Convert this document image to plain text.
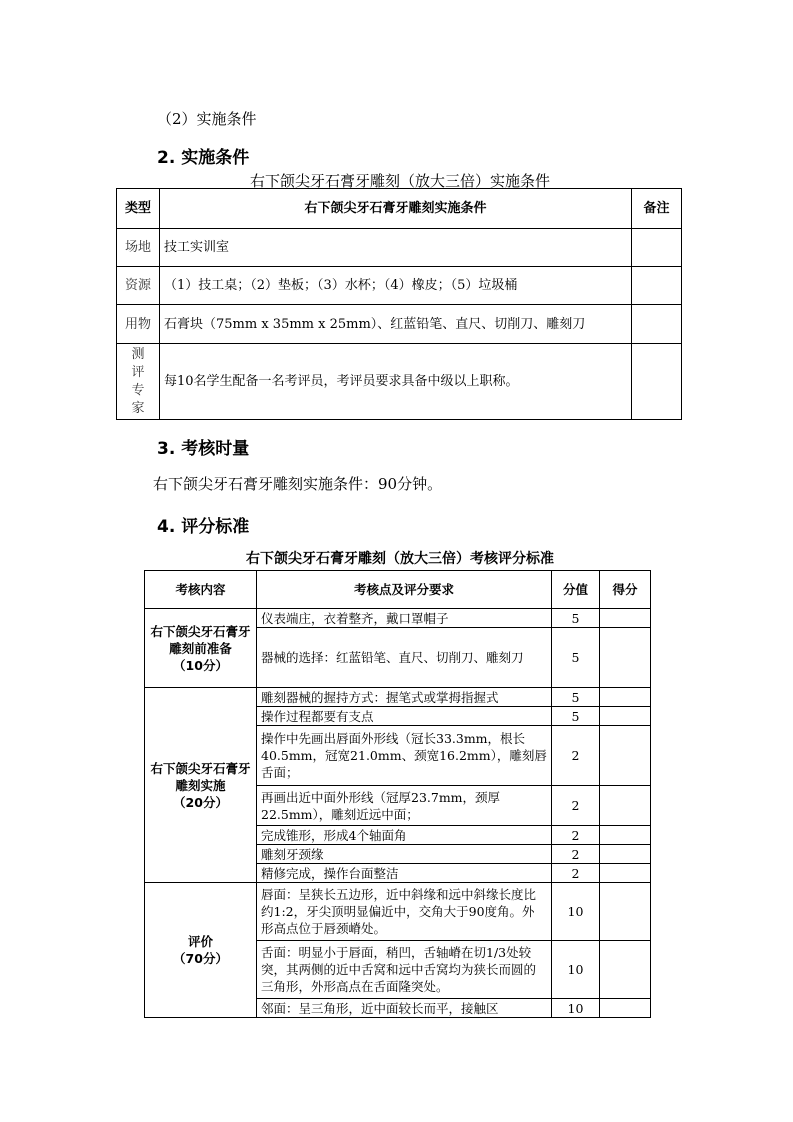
（2）实施条件
2. 实施条件
右下颌尖牙石膏牙雕刻（放大三倍）实施条件
类型	右下颌尖牙石膏牙雕刻实施条件	备注
场地	技工实训室	
资源	（1）技工桌；（2）垫板；（3）水杯；（4）橡皮；（5）垃圾桶	
用物	石膏块（75mm x 35mm x 25mm）、红蓝铅笔、直尺、切削刀、雕刻刀	
测评专家	每10名学生配备一名考评员，考评员要求具备中级以上职称。	
3. 考核时量
右下颌尖牙石膏牙雕刻实施条件：90分钟。
4. 评分标准
右下颌尖牙石膏牙雕刻（放大三倍）考核评分标准
考核内容	考核点及评分要求	分值	得分

右下颌尖牙石膏牙雕刻前准备
（10分）	仪表端庄，衣着整齐，戴口罩帽子	5	
	器械的选择：红蓝铅笔、直尺、切削刀、雕刻刀	5	

右下颌尖牙石膏牙雕刻实施
（20分）	雕刻器械的握持方式：握笔式或掌拇指握式	5	
	操作过程都要有支点	5	
	操作中先画出唇面外形线（冠长33.3mm，根长40.5mm，冠宽21.0mm、颈宽16.2mm），雕刻唇舌面；	2	
	再画出近中面外形线（冠厚23.7mm，颈厚22.5mm），雕刻近远中面；	2	
	完成锥形，形成4个轴面角	2	
	雕刻牙颈缘	2	
	精修完成，操作台面整洁	2	

评价
（70分）	唇面：呈狭长五边形，近中斜缘和远中斜缘长度比约1:2，牙尖顶明显偏近中，交角大于90度角。外形高点位于唇颈嵴处。	10	
	舌面：明显小于唇面，稍凹，舌轴嵴在切1/3处较突，其两侧的近中舌窝和远中舌窝均为狭长而圆的三角形，外形高点在舌面隆突处。	10	
	邻面：呈三角形，近中面较长而平，接触区	10	
